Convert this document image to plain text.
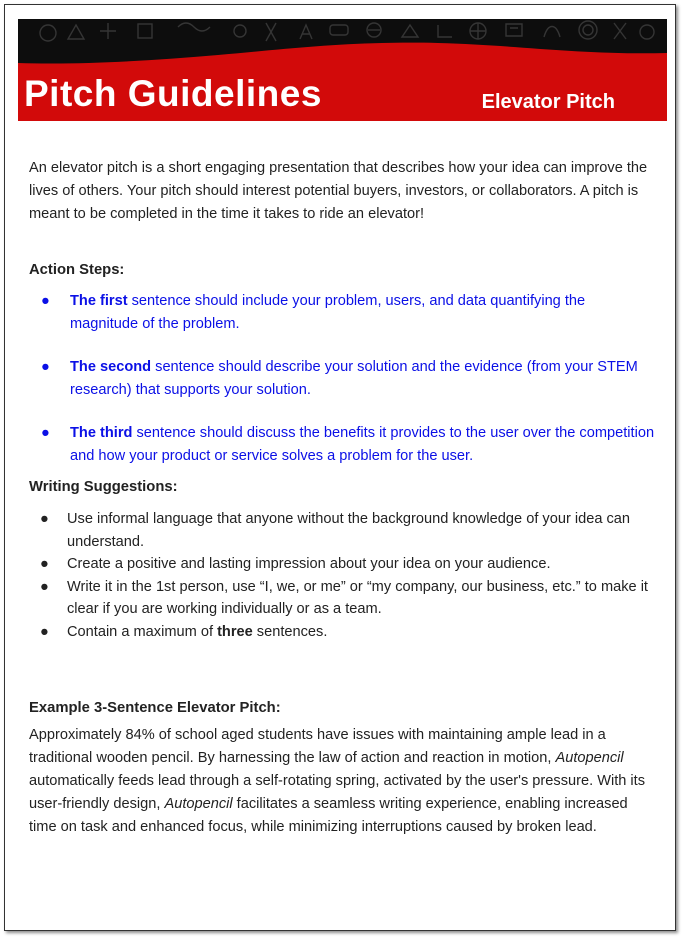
Pitch Guidelines	Elevator Pitch

An elevator pitch is a short engaging presentation that describes how your idea can improve the lives of others. Your pitch should interest potential buyers, investors, or collaborators. A pitch is meant to be completed in the time it takes to ride an elevator!

Action Steps:
● The first sentence should include your problem, users, and data quantifying the magnitude of the problem.
● The second sentence should describe your solution and the evidence (from your STEM research) that supports your solution.
● The third sentence should discuss the benefits it provides to the user over the competition and how your product or service solves a problem for the user.
Writing Suggestions:
● Use informal language that anyone without the background knowledge of your idea can understand.
● Create a positive and lasting impression about your idea on your audience.
● Write it in the 1st person, use “I, we, or me” or “my company, our business, etc.” to make it clear if you are working individually or as a team.
● Contain a maximum of three sentences.
Example 3-Sentence Elevator Pitch:

Approximately 84% of school aged students have issues with maintaining ample lead in a traditional wooden pencil. By harnessing the law of action and reaction in motion, Autopencil automatically feeds lead through a self-rotating spring, activated by the user's pressure. With its user-friendly design, Autopencil facilitates a seamless writing experience, enabling increased time on task and enhanced focus, while minimizing interruptions caused by broken lead.
